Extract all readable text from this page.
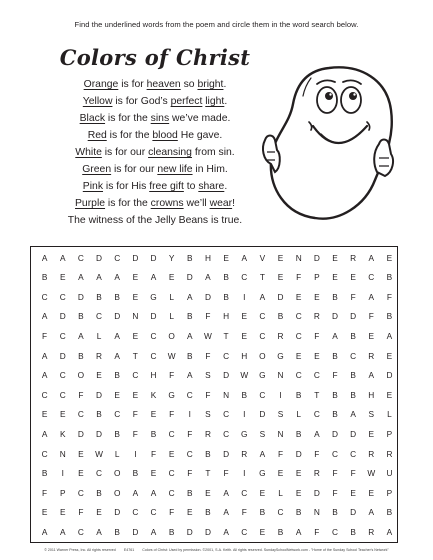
Find the underlined words from the poem and circle them in the word search below.
Colors of Christ
Orange is for heaven so bright.
Yellow is for God’s perfect light.
Black is for the sins we’ve made.
Red is for the blood He gave.
White is for our cleansing from sin.
Green is for our new life in Him.
Pink is for His free gift to share.
Purple is for the crowns we’ll wear!
The witness of the Jelly Beans is true.
A	A	C	D	C	D	D	Y	B	H	E	A	V	E	N	D	E	R	A	E
B	E	A	A	A	E	A	E	D	A	B	C	T	E	F	P	E	E	C	B
C	C	D	B	B	E	G	L	A	D	B	I	A	D	E	E	B	F	A	F
A	D	B	C	D	N	D	L	B	F	H	E	C	B	C	R	D	D	F	B
F	C	A	L	A	E	C	O	A	W	T	E	C	R	C	F	A	B	E	A
A	D	B	R	A	T	C	W	B	F	C	H	O	G	E	E	B	C	R	E
A	C	O	E	B	C	H	F	A	S	D	W	G	N	C	C	F	B	A	D
C	C	F	D	E	E	K	G	C	F	N	B	C	I	B	T	B	B	H	E
E	E	C	B	C	F	E	F	I	S	C	I	D	S	L	C	B	A	S	L
A	K	D	D	B	F	B	C	F	R	C	G	S	N	B	A	D	D	E	P
C	N	E	W	L	I	F	E	C	B	D	R	A	F	D	F	C	C	R	R
B	I	E	C	O	B	E	C	F	T	F	I	G	E	E	R	F	F	W	U
F	P	C	B	O	A	A	C	B	E	A	C	E	L	E	D	F	E	E	P
E	E	F	E	D	C	C	F	E	B	A	F	B	C	B	N	B	D	A	B
A	A	C	A	B	D	A	B	D	D	A	C	E	B	A	F	C	B	R	A
© 2011 Warner Press, Inc. All rights reserved E4761 Colors of Christ: Used by permission. ©2001, S.A. Keith. All rights reserved. SundaySchoolNetwork.com - "Home of the Sunday School Teacher's Network"
